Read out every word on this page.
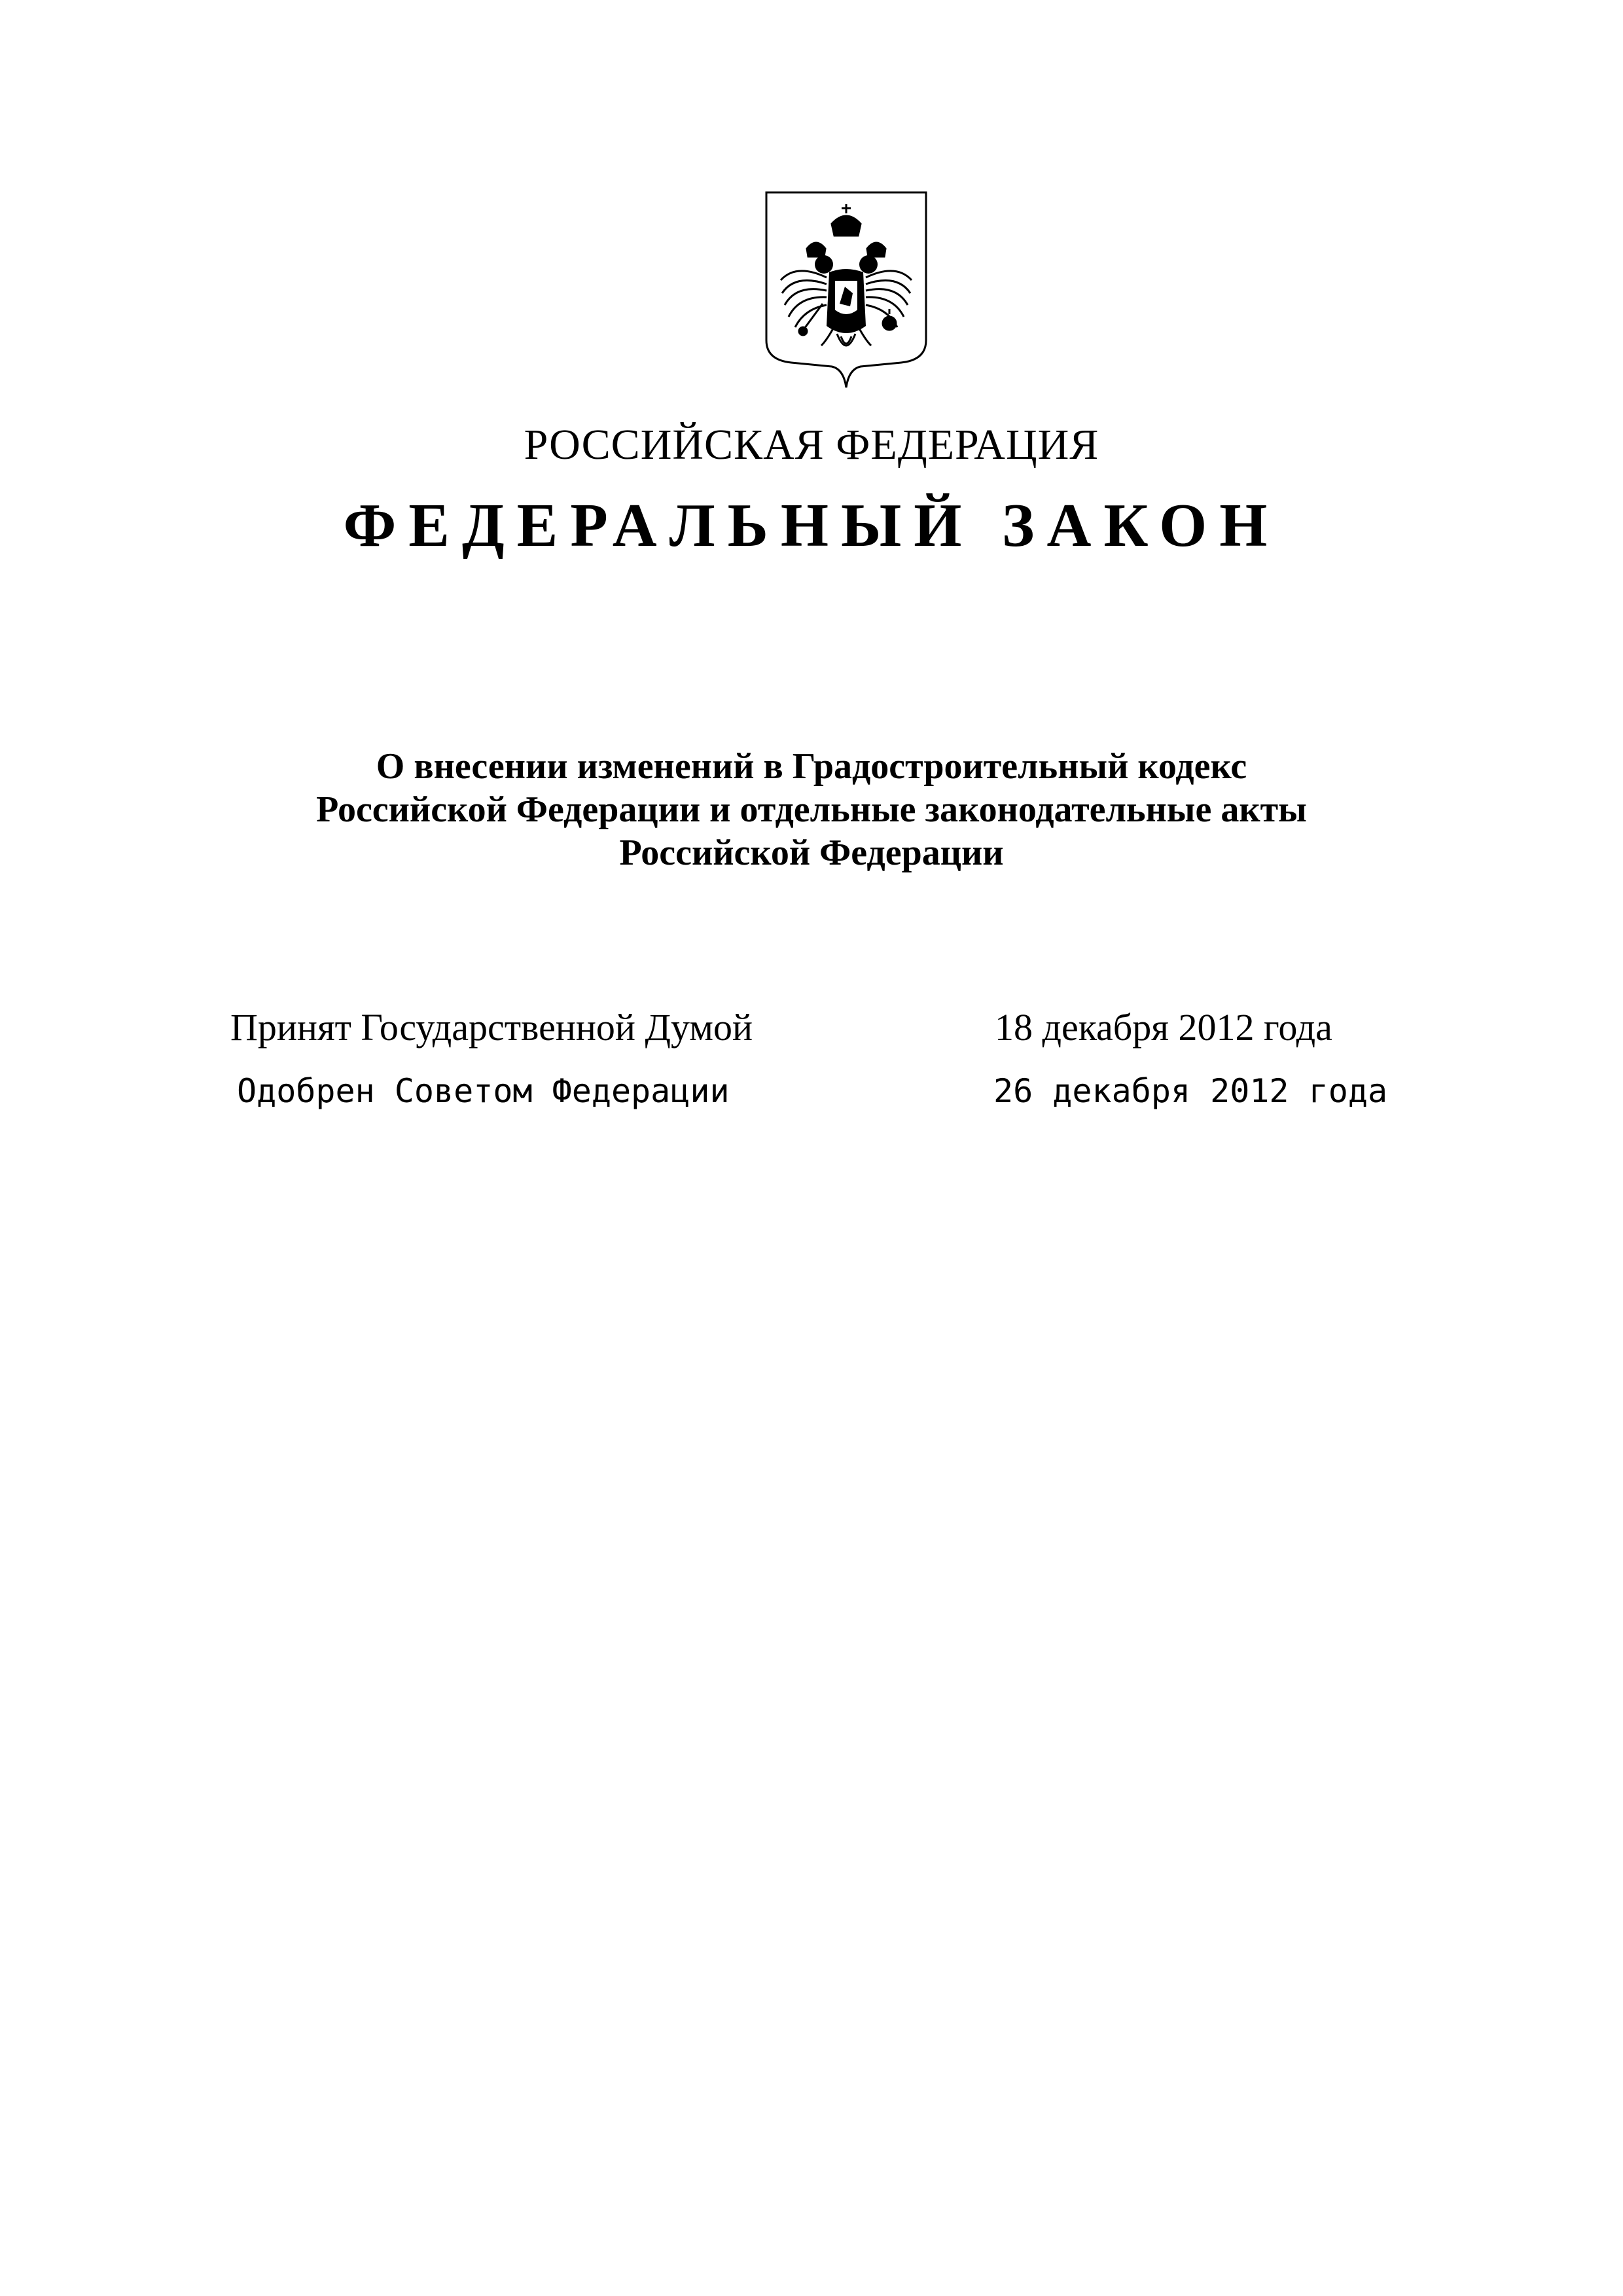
РОССИЙСКАЯ ФЕДЕРАЦИЯ
ФЕДЕРАЛЬНЫЙ ЗАКОН
О внесении изменений в Градостроительный кодекс
Российской Федерации и отдельные законодательные акты
Российской Федерации
Принят Государственной Думой	18 декабря 2012 года
Одобрен Советом Федерации	26 декабря 2012 года
